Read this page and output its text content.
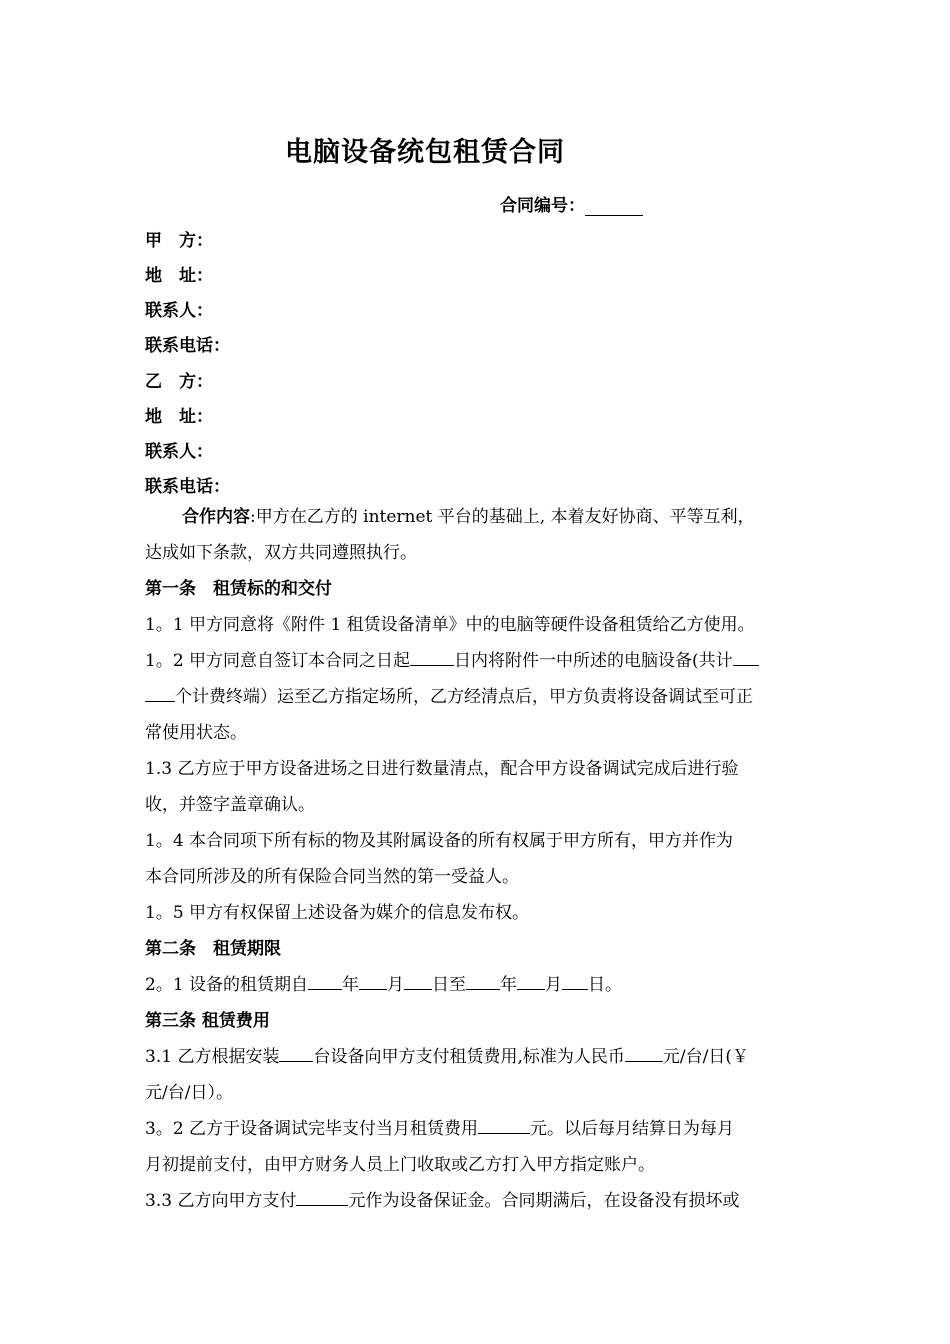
电脑设备统包租赁合同
合同编号：
甲　方：
地　址：
联系人：
联系电话：
乙　方：
地　址：
联系人：
联系电话：
合作内容:甲方在乙方的 internet 平台的基础上, 本着友好协商、平等互利，
达成如下条款，双方共同遵照执行。
第一条　租赁标的和交付
1。1 甲方同意将《附件 1 租赁设备清单》中的电脑等硬件设备租赁给乙方使用。
1。2 甲方同意自签订本合同之日起	日内将附件一中所述的电脑设备(共计
个计费终端）运至乙方指定场所，乙方经清点后，甲方负责将设备调试至可正
常使用状态。
1.3 乙方应于甲方设备进场之日进行数量清点，配合甲方设备调试完成后进行验
收，并签字盖章确认。
1。4 本合同项下所有标的物及其附属设备的所有权属于甲方所有，甲方并作为
本合同所涉及的所有保险合同当然的第一受益人。
1。5 甲方有权保留上述设备为媒介的信息发布权。
第二条　租赁期限
2。1 设备的租赁期自 年 月 日至 年 月 日。
第三条 租赁费用
3.1 乙方根据安装 台设备向甲方支付租赁费用,标准为人民币 元/台/日(￥
元/台/日）。
3。2 乙方于设备调试完毕支付当月租赁费用	元。以后每月结算日为每月
月初提前支付，由甲方财务人员上门收取或乙方打入甲方指定账户。
3.3 乙方向甲方支付	元作为设备保证金。合同期满后，在设备没有损坏或
